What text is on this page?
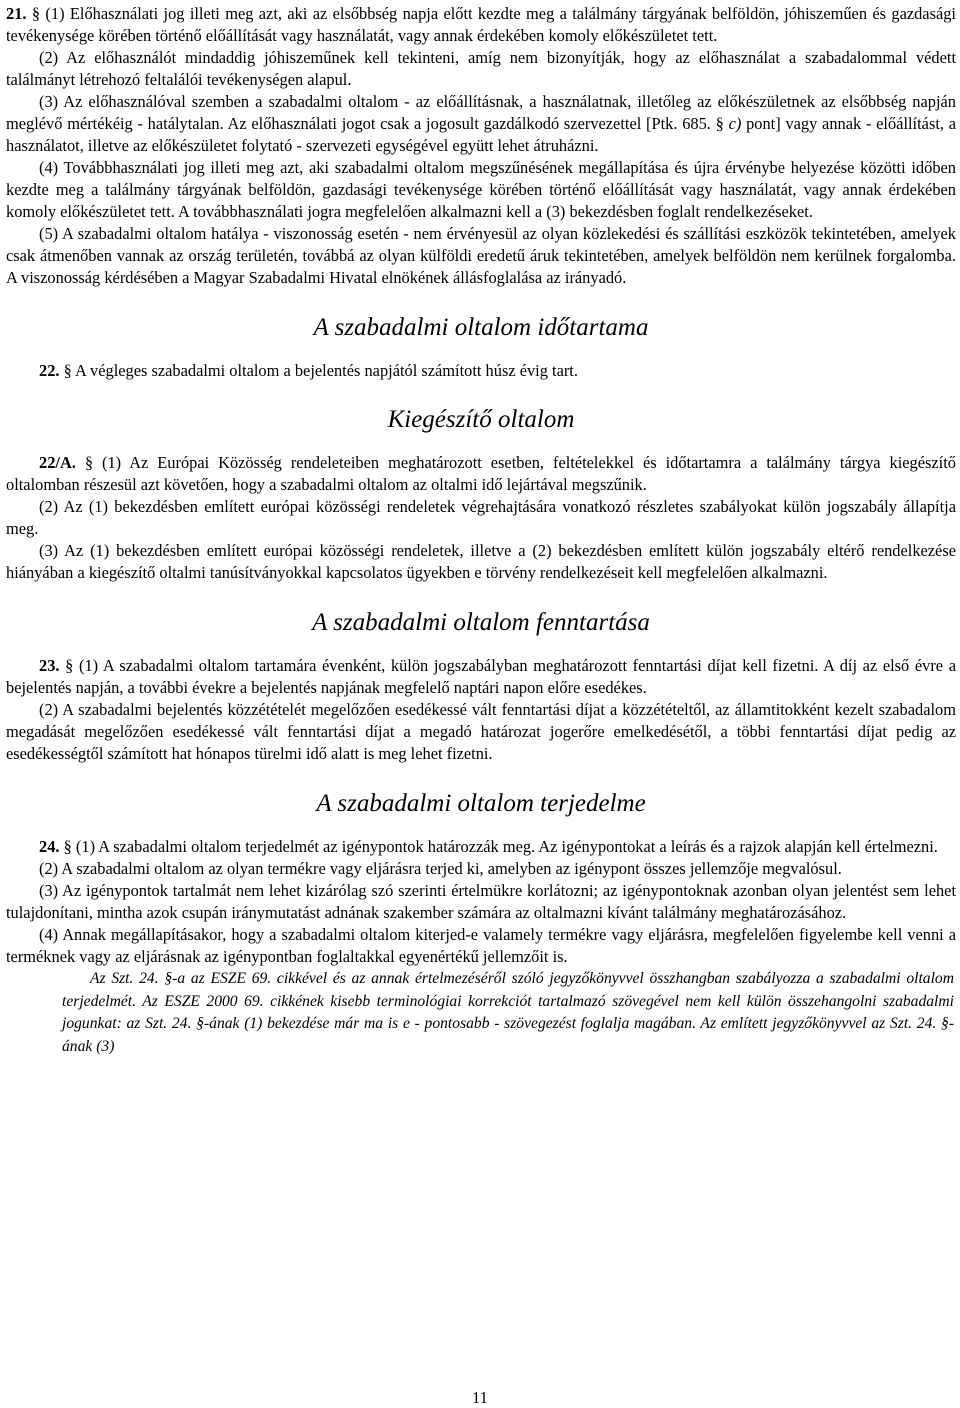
21. § (1) Előhasználati jog illeti meg azt, aki az elsőbbség napja előtt kezdte meg a találmány tárgyának belföldön, jóhiszeműen és gazdasági tevékenysége körében történő előállítását vagy használatát, vagy annak érdekében komoly előkészületet tett.

(2) Az előhasználót mindaddig jóhiszeműnek kell tekinteni, amíg nem bizonyítják, hogy az előhasználat a szabadalommal védett találmányt létrehozó feltalálói tevékenységen alapul.

(3) Az előhasználóval szemben a szabadalmi oltalom - az előállításnak, a használatnak, illetőleg az előkészületnek az elsőbbség napján meglévő mértékéig - hatálytalan. Az előhasználati jogot csak a jogosult gazdálkodó szervezettel [Ptk. 685. § c) pont] vagy annak - előállítást, a használatot, illetve az előkészületet folytató - szervezeti egységével együtt lehet átruházni.

(4) Továbbhasználati jog illeti meg azt, aki szabadalmi oltalom megszűnésének megállapítása és újra érvénybe helyezése közötti időben kezdte meg a találmány tárgyának belföldön, gazdasági tevékenysége körében történő előállítását vagy használatát, vagy annak érdekében komoly előkészületet tett. A továbbhasználati jogra megfelelően alkalmazni kell a (3) bekezdésben foglalt rendelkezéseket.

(5) A szabadalmi oltalom hatálya - viszonosság esetén - nem érvényesül az olyan közlekedési és szállítási eszközök tekintetében, amelyek csak átmenőben vannak az ország területén, továbbá az olyan külföldi eredetű áruk tekintetében, amelyek belföldön nem kerülnek forgalomba. A viszonosság kérdésében a Magyar Szabadalmi Hivatal elnökének állásfoglalása az irányadó.

A szabadalmi oltalom időtartama

22. § A végleges szabadalmi oltalom a bejelentés napjától számított húsz évig tart.

Kiegészítő oltalom

22/A. § (1) Az Európai Közösség rendeleteiben meghatározott esetben, feltételekkel és időtartamra a találmány tárgya kiegészítő oltalomban részesül azt követően, hogy a szabadalmi oltalom az oltalmi idő lejártával megszűnik.

(2) Az (1) bekezdésben említett európai közösségi rendeletek végrehajtására vonatkozó részletes szabályokat külön jogszabály állapítja meg.

(3) Az (1) bekezdésben említett európai közösségi rendeletek, illetve a (2) bekezdésben említett külön jogszabály eltérő rendelkezése hiányában a kiegészítő oltalmi tanúsítványokkal kapcsolatos ügyekben e törvény rendelkezéseit kell megfelelően alkalmazni.

A szabadalmi oltalom fenntartása

23. § (1) A szabadalmi oltalom tartamára évenként, külön jogszabályban meghatározott fenntartási díjat kell fizetni. A díj az első évre a bejelentés napján, a további évekre a bejelentés napjának megfelelő naptári napon előre esedékes.

(2) A szabadalmi bejelentés közzétételét megelőzően esedékessé vált fenntartási díjat a közzétételtől, az államtitokként kezelt szabadalom megadását megelőzően esedékessé vált fenntartási díjat a megadó határozat jogerőre emelkedésétől, a többi fenntartási díjat pedig az esedékességtől számított hat hónapos türelmi idő alatt is meg lehet fizetni.

A szabadalmi oltalom terjedelme

24. § (1) A szabadalmi oltalom terjedelmét az igénypontok határozzák meg. Az igénypontokat a leírás és a rajzok alapján kell értelmezni.

(2) A szabadalmi oltalom az olyan termékre vagy eljárásra terjed ki, amelyben az igénypont összes jellemzője megvalósul.

(3) Az igénypontok tartalmát nem lehet kizárólag szó szerinti értelmükre korlátozni; az igénypontoknak azonban olyan jelentést sem lehet tulajdonítani, mintha azok csupán iránymutatást adnának szakember számára az oltalmazni kívánt találmány meghatározásához.

(4) Annak megállapításakor, hogy a szabadalmi oltalom kiterjed-e valamely termékre vagy eljárásra, megfelelően figyelembe kell venni a terméknek vagy az eljárásnak az igénypontban foglaltakkal egyenértékű jellemzőit is.

Az Szt. 24. §-a az ESZE 69. cikkével és az annak értelmezéséről szóló jegyzőkönyvvel összhangban szabályozza a szabadalmi oltalom terjedelmét. Az ESZE 2000 69. cikkének kisebb terminológiai korrekciót tartalmazó szövegével nem kell külön összehangolni szabadalmi jogunkat: az Szt. 24. §-ának (1) bekezdése már ma is e - pontosabb - szövegezést foglalja magában. Az említett jegyzőkönyvvel az Szt. 24. §-ának (3)

11
